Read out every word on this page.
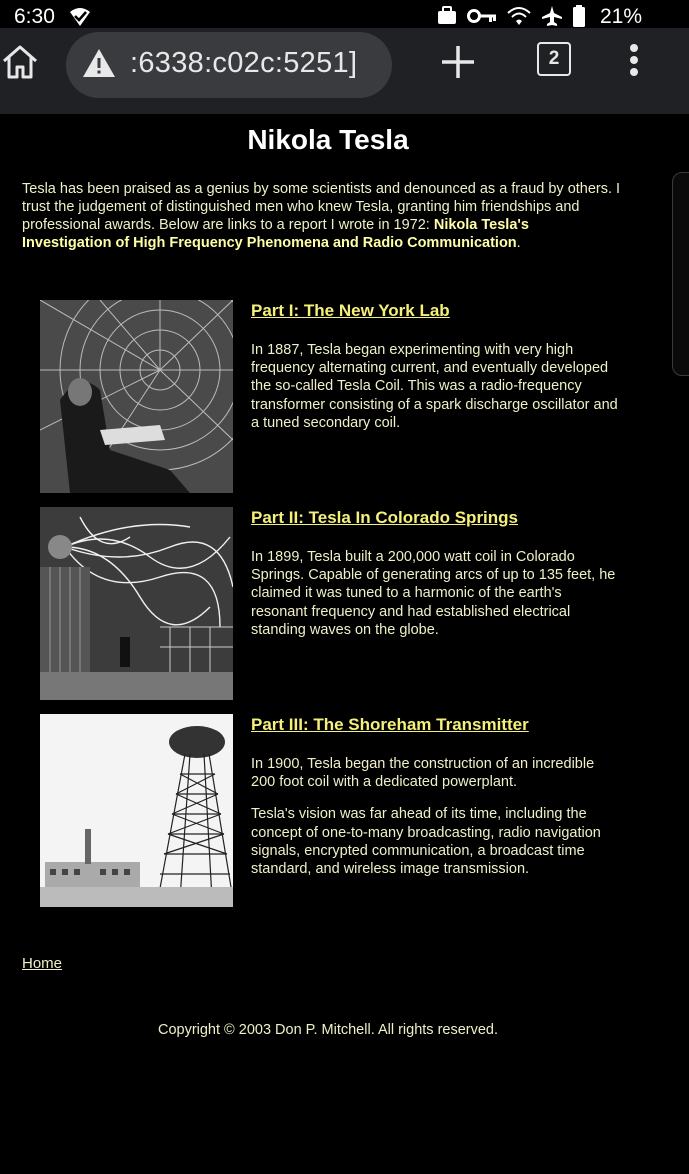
6:30	21%
:6338:c02c:5251]	2
Nikola Tesla
Tesla has been praised as a genius by some scientists and denounced as a fraud by others. I trust the judgement of distinguished men who knew Tesla, granting him friendships and professional awards. Below are links to a report I wrote in 1972: Nikola Tesla's Investigation of High Frequency Phenomena and Radio Communication.
Part I: The New York Lab

In 1887, Tesla began experimenting with very high frequency alternating current, and eventually developed the so-called Tesla Coil. This was a radio-frequency transformer consisting of a spark discharge oscillator and a tuned secondary coil.

Part II: Tesla In Colorado Springs

In 1899, Tesla built a 200,000 watt coil in Colorado Springs. Capable of generating arcs of up to 135 feet, he claimed it was tuned to a harmonic of the earth's resonant frequency and had established electrical standing waves on the globe.

Part III: The Shoreham Transmitter

In 1900, Tesla began the construction of an incredible 200 foot coil with a dedicated powerplant.

Tesla's vision was far ahead of its time, including the concept of one-to-many broadcasting, radio navigation signals, encrypted communication, a broadcast time standard, and wireless image transmission.

Home
Copyright © 2003 Don P. Mitchell. All rights reserved.
